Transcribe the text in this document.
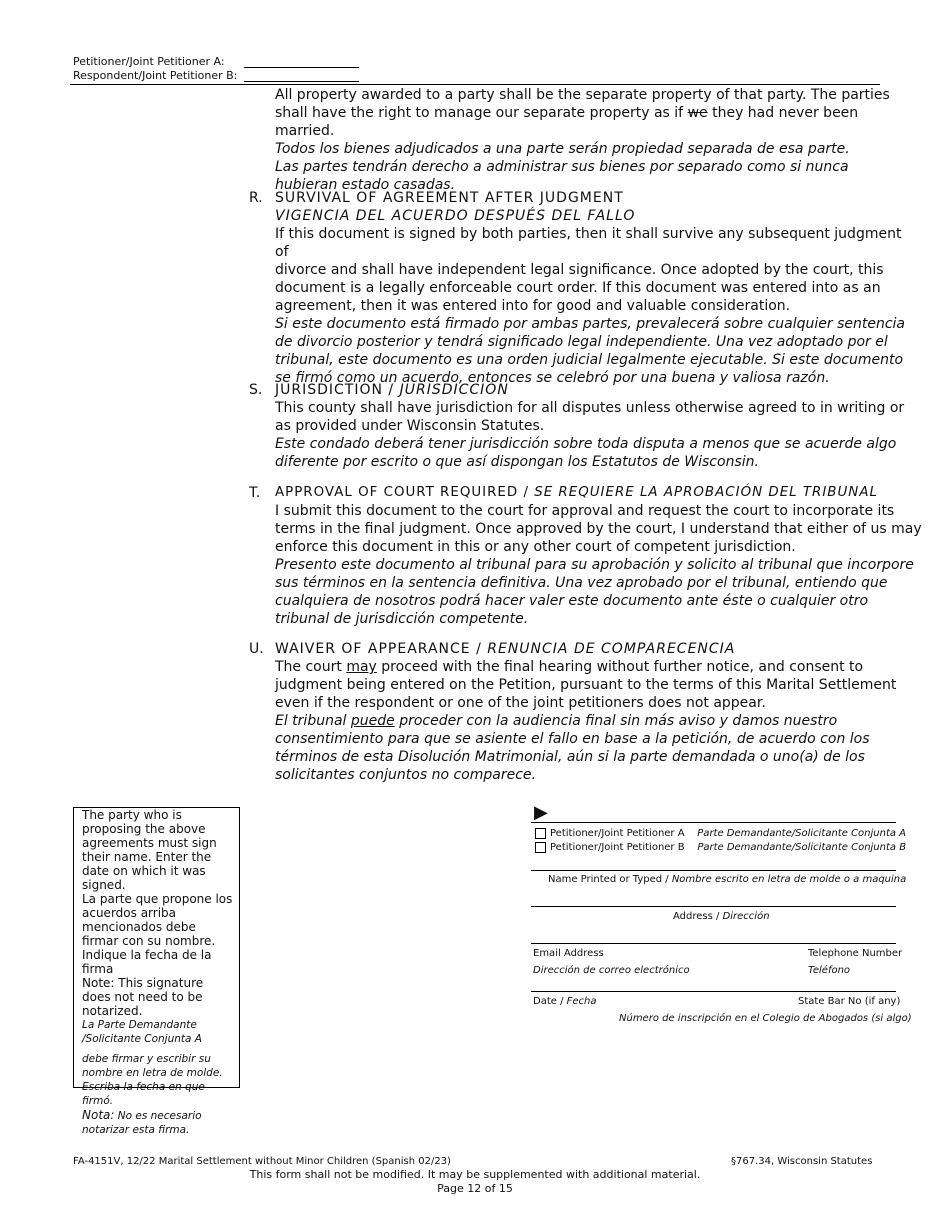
Petitioner/Joint Petitioner A:
Respondent/Joint Petitioner B:
All property awarded to a party shall be the separate property of that party. The parties
shall have the right to manage our separate property as if we they had never been married.
Todos los bienes adjudicados a una parte serán propiedad separada de esa parte.
Las partes tendrán derecho a administrar sus bienes por separado como si nunca
hubieran estado casadas.
R. SURVIVAL OF AGREEMENT AFTER JUDGMENT
VIGENCIA DEL ACUERDO DESPUÉS DEL FALLO
If this document is signed by both parties, then it shall survive any subsequent judgment of
divorce and shall have independent legal significance. Once adopted by the court, this
document is a legally enforceable court order. If this document was entered into as an
agreement, then it was entered into for good and valuable consideration.
Si este documento está firmado por ambas partes, prevalecerá sobre cualquier sentencia
de divorcio posterior y tendrá significado legal independiente. Una vez adoptado por el
tribunal, este documento es una orden judicial legalmente ejecutable. Si este documento
se firmó como un acuerdo, entonces se celebró por una buena y valiosa razón.
S. JURISDICTION / JURISDICCIÓN
This county shall have jurisdiction for all disputes unless otherwise agreed to in writing or
as provided under Wisconsin Statutes.
Este condado deberá tener jurisdicción sobre toda disputa a menos que se acuerde algo
diferente por escrito o que así dispongan los Estatutos de Wisconsin.
T. APPROVAL OF COURT REQUIRED / SE REQUIERE LA APROBACIÓN DEL TRIBUNAL
I submit this document to the court for approval and request the court to incorporate its
terms in the final judgment. Once approved by the court, I understand that either of us may
enforce this document in this or any other court of competent jurisdiction.
Presento este documento al tribunal para su aprobación y solicito al tribunal que incorpore
sus términos en la sentencia definitiva. Una vez aprobado por el tribunal, entiendo que
cualquiera de nosotros podrá hacer valer este documento ante éste o cualquier otro
tribunal de jurisdicción competente.
U. WAIVER OF APPEARANCE / RENUNCIA DE COMPARECENCIA
The court may proceed with the final hearing without further notice, and consent to
judgment being entered on the Petition, pursuant to the terms of this Marital Settlement
even if the respondent or one of the joint petitioners does not appear.
El tribunal puede proceder con la audiencia final sin más aviso y damos nuestro
consentimiento para que se asiente el fallo en base a la petición, de acuerdo con los
términos de esta Disolución Matrimonial, aún si la parte demandada o uno(a) de los
solicitantes conjuntos no comparece.
The party who is proposing the above agreements must sign their name. Enter the date on which it was signed.
La parte que propone los acuerdos arriba mencionados debe firmar con su nombre. Indique la fecha de la firma
Note: This signature does not need to be notarized.
La Parte Demandante /Solicitante Conjunta A
debe firmar y escribir su nombre en letra de molde. Escriba la fecha en que firmó.
Nota: No es necesario notarizar esta firma.
▶
Petitioner/Joint Petitioner A Parte Demandante/Solicitante Conjunta A
Petitioner/Joint Petitioner B Parte Demandante/Solicitante Conjunta B
Name Printed or Typed / Nombre escrito en letra de molde o a maquina
Address / Dirección
Email Address
Dirección de correo electrónico
Telephone Number
Teléfono
Date / Fecha	State Bar No (if any)
Número de inscripción en el Colegio de Abogados (si algo)
FA-4151V, 12/22 Marital Settlement without Minor Children (Spanish 02/23)	§767.34, Wisconsin Statutes
This form shall not be modified. It may be supplemented with additional material.
Page 12 of 15
